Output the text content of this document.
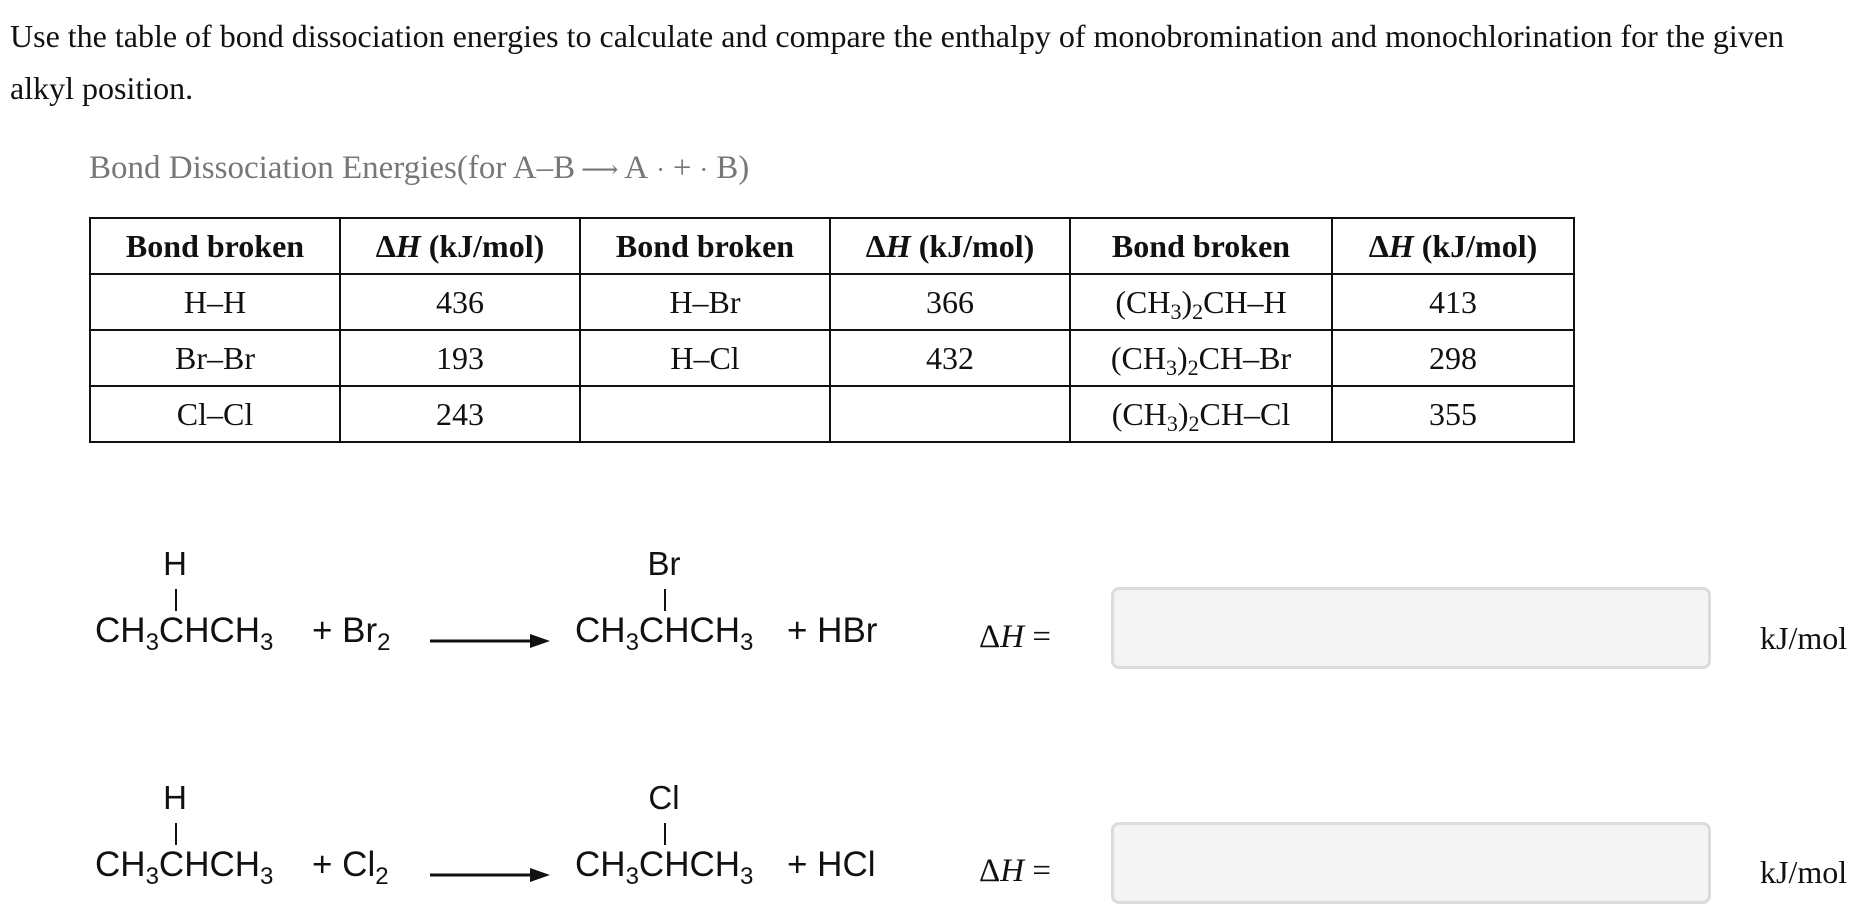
Use the table of bond dissociation energies to calculate and compare the enthalpy of monobromination and monochlorination for the given alkyl position.

Bond Dissociation Energies(for A–B ⟶ A · + · B)

Bond broken	ΔH (kJ/mol)	Bond broken	ΔH (kJ/mol)	Bond broken	ΔH (kJ/mol)
H–H	436	H–Br	366	$(CH_3)_2CH-H$	413
Br–Br	193	H–Cl	432	$(CH_3)_2CH-Br$	298
Cl–Cl	243			$(CH_3)_2CH-Cl$	355
H
$CH_3CHCH_3 + Br_2$
Br
$CH_3CHCH_3$ + HBr	ΔH =	kJ/mol
H
$CH_3CHCH_3 + Cl_2$
Cl
$CH_3CHCH_3$ + HCl	ΔH =	kJ/mol
